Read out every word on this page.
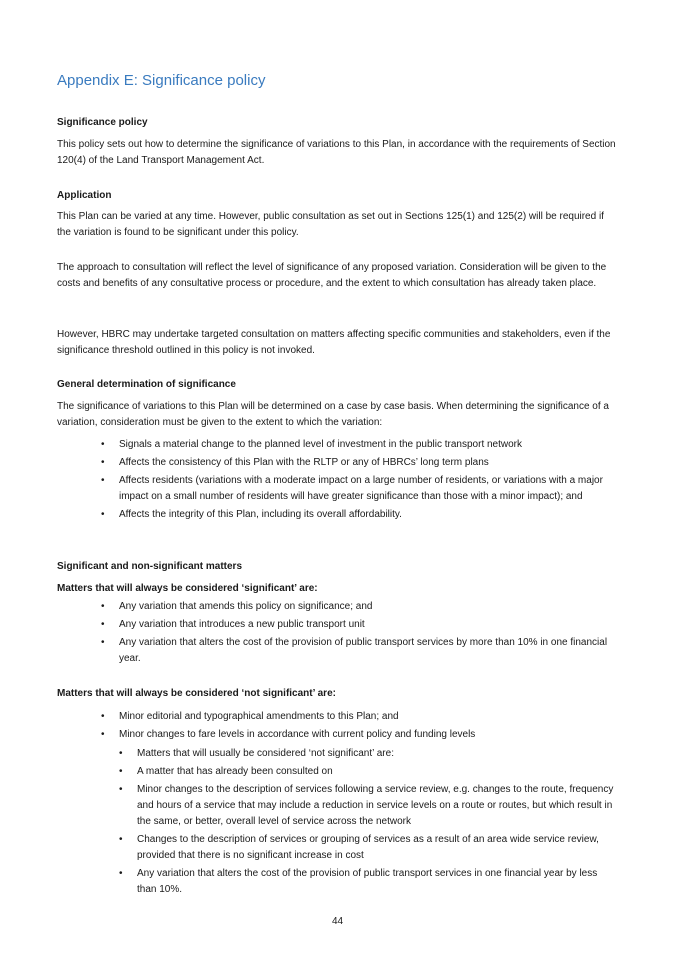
Appendix E: Significance policy
Significance policy

This policy sets out how to determine the significance of variations to this Plan, in accordance with the requirements of Section 120(4) of the Land Transport Management Act.

Application

This Plan can be varied at any time. However, public consultation as set out in Sections 125(1) and 125(2) will be required if the variation is found to be significant under this policy.

The approach to consultation will reflect the level of significance of any proposed variation. Consideration will be given to the costs and benefits of any consultative process or procedure, and the extent to which consultation has already taken place.

However, HBRC may undertake targeted consultation on matters affecting specific communities and stakeholders, even if the significance threshold outlined in this policy is not invoked.

General determination of significance

The significance of variations to this Plan will be determined on a case by case basis. When determining the significance of a variation, consideration must be given to the extent to which the variation:

• Signals a material change to the planned level of investment in the public transport network
• Affects the consistency of this Plan with the RLTP or any of HBRCs’ long term plans
• Affects residents (variations with a moderate impact on a large number of residents, or variations with a major impact on a small number of residents will have greater significance than those with a minor impact); and
• Affects the integrity of this Plan, including its overall affordability.
Significant and non-significant matters
Matters that will always be considered ‘significant’ are:
• Any variation that amends this policy on significance; and
• Any variation that introduces a new public transport unit
• Any variation that alters the cost of the provision of public transport services by more than 10% in one financial year.
Matters that will always be considered ‘not significant’ are:
• Minor editorial and typographical amendments to this Plan; and
• Minor changes to fare levels in accordance with current policy and funding levels
• Matters that will usually be considered ‘not significant’ are:
• A matter that has already been consulted on
• Minor changes to the description of services following a service review, e.g. changes to the route, frequency and hours of a service that may include a reduction in service levels on a route or routes, but which result in the same, or better, overall level of service across the network
• Changes to the description of services or grouping of services as a result of an area wide service review, provided that there is no significant increase in cost
• Any variation that alters the cost of the provision of public transport services in one financial year by less than 10%.
44
